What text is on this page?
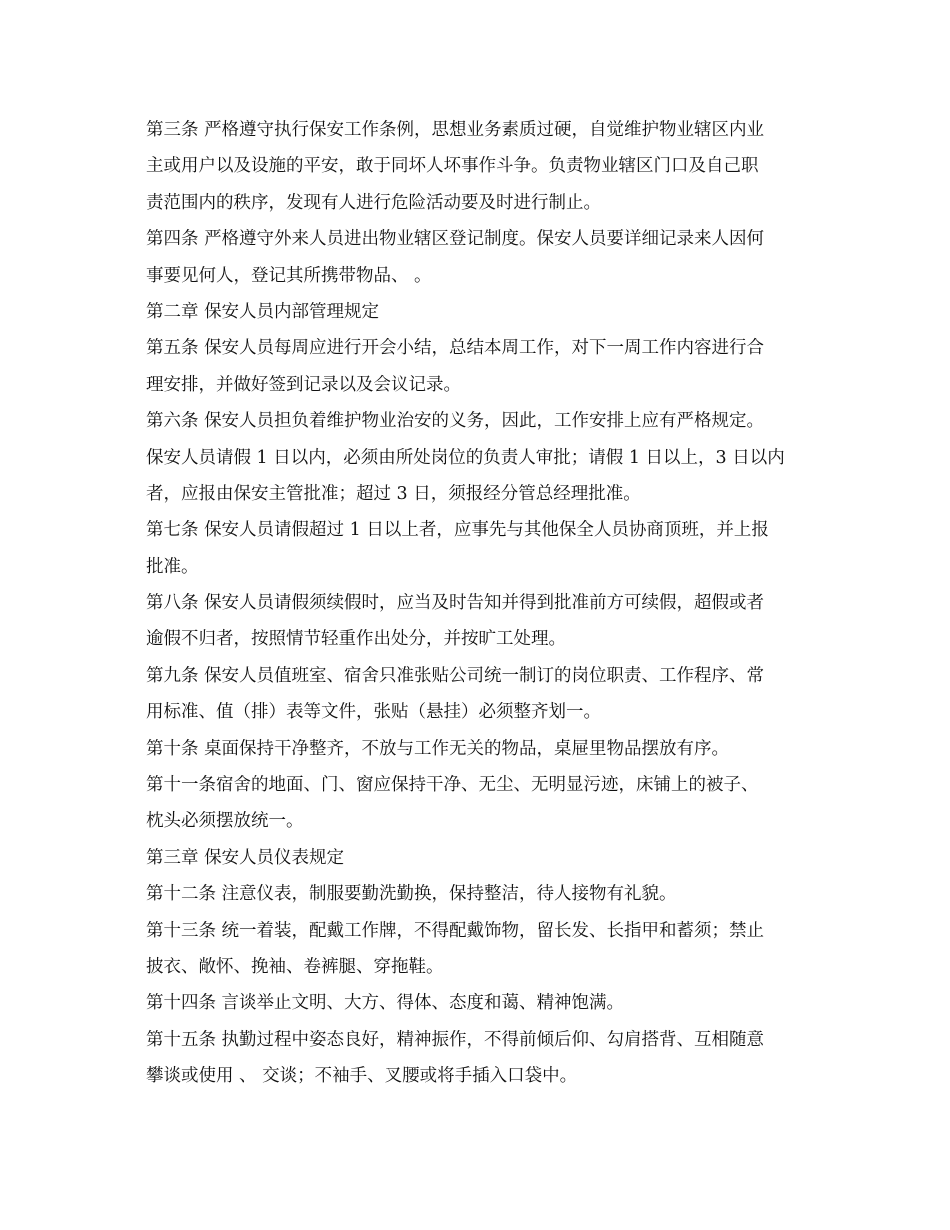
第三条 严格遵守执行保安工作条例，思想业务素质过硬，自觉维护物业辖区内业
主或用户以及设施的平安，敢于同坏人坏事作斗争。负责物业辖区门口及自己职
责范围内的秩序，发现有人进行危险活动要及时进行制止。
第四条 严格遵守外来人员进出物业辖区登记制度。保安人员要详细记录来人因何
事要见何人，登记其所携带物品、 。
第二章 保安人员内部管理规定
第五条 保安人员每周应进行开会小结，总结本周工作，对下一周工作内容进行合
理安排，并做好签到记录以及会议记录。
第六条 保安人员担负着维护物业治安的义务，因此，工作安排上应有严格规定。
保安人员请假 1 日以内，必须由所处岗位的负责人审批；请假 1 日以上，3 日以内
者，应报由保安主管批准；超过 3 日，须报经分管总经理批准。
第七条 保安人员请假超过 1 日以上者，应事先与其他保全人员协商顶班，并上报
批准。
第八条 保安人员请假须续假时，应当及时告知并得到批准前方可续假，超假或者
逾假不归者，按照情节轻重作出处分，并按旷工处理。
第九条 保安人员值班室、宿舍只准张贴公司统一制订的岗位职责、工作程序、常
用标准、值（排）表等文件，张贴（悬挂）必须整齐划一。
第十条 桌面保持干净整齐，不放与工作无关的物品，桌屉里物品摆放有序。
第十一条宿舍的地面、门、窗应保持干净、无尘、无明显污迹，床铺上的被子、
枕头必须摆放统一。
第三章 保安人员仪表规定
第十二条 注意仪表，制服要勤洗勤换，保持整洁，待人接物有礼貌。
第十三条 统一着装，配戴工作牌，不得配戴饰物，留长发、长指甲和蓄须；禁止
披衣、敞怀、挽袖、卷裤腿、穿拖鞋。
第十四条 言谈举止文明、大方、得体、态度和蔼、精神饱满。
第十五条 执勤过程中姿态良好，精神振作，不得前倾后仰、勾肩搭背、互相随意
攀谈或使用 、 交谈；不袖手、叉腰或将手插入口袋中。
